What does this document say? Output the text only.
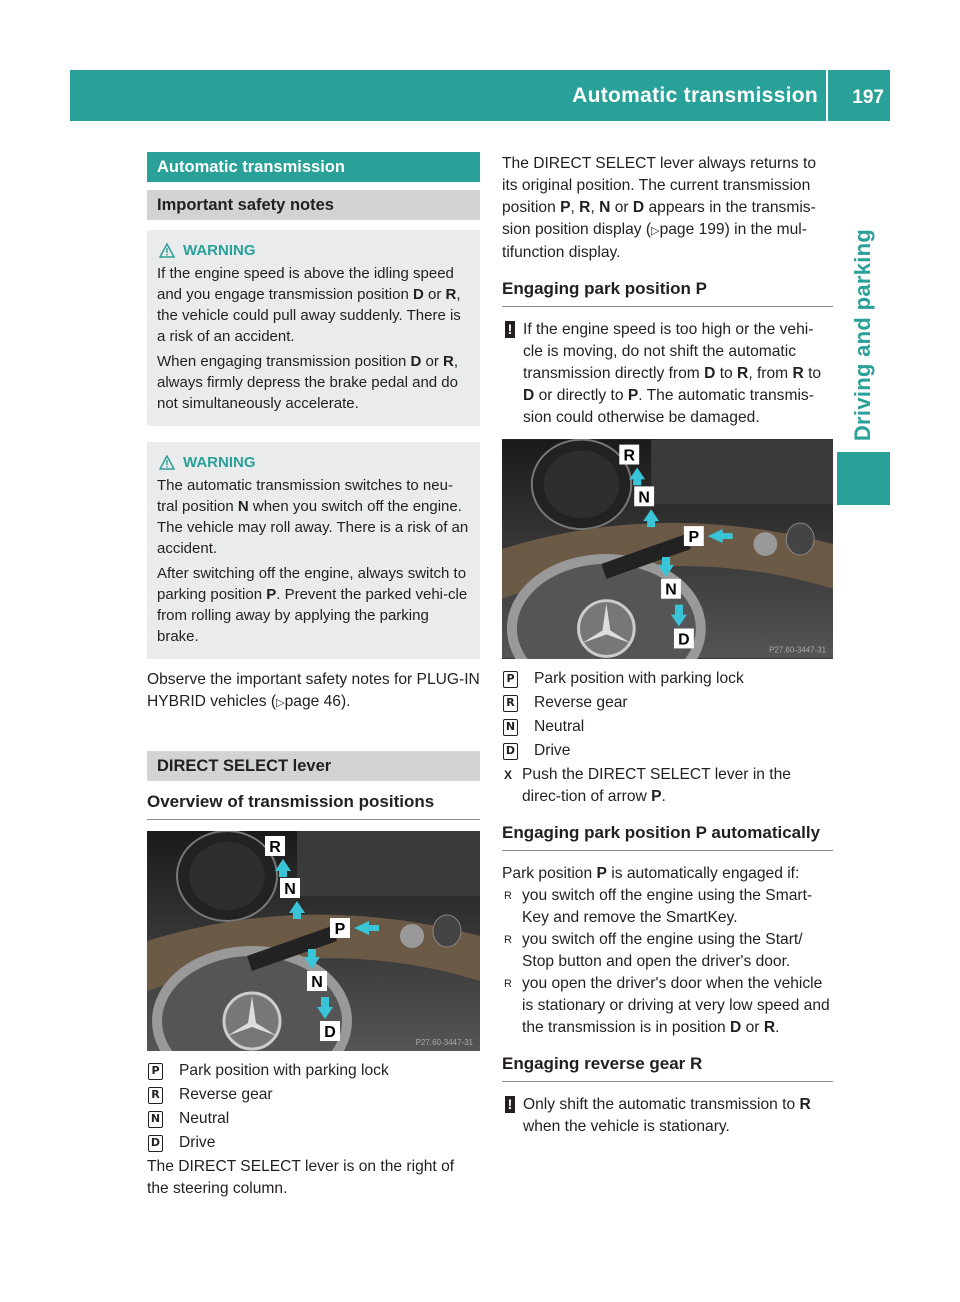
Automatic transmission 197
Driving and parking
Automatic transmission
Important safety notes
WARNING

If the engine speed is above the idling speed and you engage transmission position D or R, the vehicle could pull away suddenly. There is a risk of an accident.

When engaging transmission position D or R, always firmly depress the brake pedal and do not simultaneously accelerate.

WARNING

The automatic transmission switches to neu-tral position N when you switch off the engine. The vehicle may roll away. There is a risk of an accident.

After switching off the engine, always switch to parking position P. Prevent the parked vehi-cle from rolling away by applying the parking brake.

Observe the important safety notes for PLUG-IN HYBRID vehicles (▷page 46).

DIRECT SELECT lever
Overview of transmission positions
R
N
P
N
D
P27.60-3447-31
P Park position with parking lock
R Reverse gear
N Neutral
D Drive

The DIRECT SELECT lever is on the right of the steering column.

The DIRECT SELECT lever always returns to its original position. The current transmission position P, R, N or D appears in the transmis-sion position display (▷page 199) in the mul-tifunction display.

Engaging park position P
! If the engine speed is too high or the vehi-cle is moving, do not shift the automatic transmission directly from D to R, from R to D or directly to P. The automatic transmis-sion could otherwise be damaged.

R
N
P
N
D
P27.60-3447-31
P Park position with parking lock
R Reverse gear
N Neutral
D Drive
X Push the DIRECT SELECT lever in the direc-tion of arrow P.

Engaging park position P automatically

Park position P is automatically engaged if:

R you switch off the engine using the Smart-Key and remove the SmartKey.

R you switch off the engine using the Start/ Stop button and open the driver's door.

R you open the driver's door when the vehicle is stationary or driving at very low speed and the transmission is in position D or R.

Engaging reverse gear R
! Only shift the automatic transmission to R when the vehicle is stationary.
